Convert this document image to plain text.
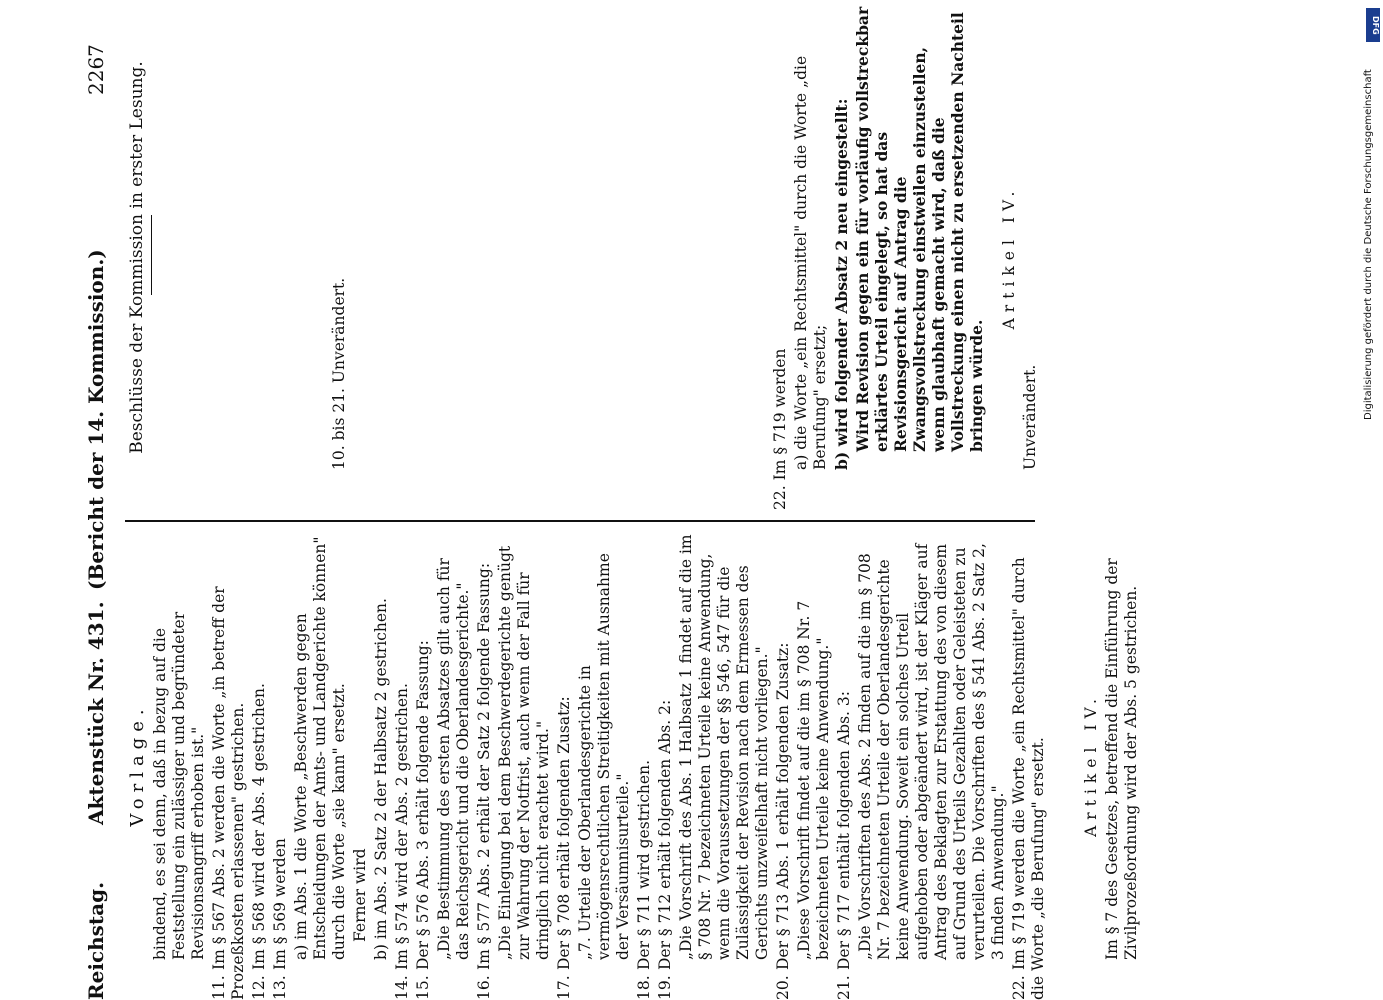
Reichstag.
Aktenstück Nr. 431.
(Bericht der 14. Kommission.)
2267

Vorlage. bindend, es sei denn, daß in bezug auf die Feststellung ein zulässiger und begründeter Revisionsangriff erhoben ist."

11.Im § 567 Abs. 2 werden die Worte „in betreff der Prozeßkosten erlassenen" gestrichen. 12.Im § 568 wird der Abs. 4 gestrichen.

13.Im § 569 werden a) im Abs. 1 die Worte „Beschwerden gegen Entscheidungen der Amts- und Landgerichte können" durch die Worte „sie kann" ersetzt. Ferner wird b) im Abs. 2 Satz 2 der Halbsatz 2 gestrichen.

14.Im § 574 wird der Abs. 2 gestrichen.

15.Der § 576 Abs. 3 erhält folgende Fassung: „Die Bestimmung des ersten Absatzes gilt auch für das Reichsgericht und die Oberlandesgerichte."

16.Im § 577 Abs. 2 erhält der Satz 2 folgende Fassung: „Die Einlegung bei dem Beschwerdegerichte genügt zur Wahrung der Notfrist, auch wenn der Fall für dringlich nicht erachtet wird."

17.Der § 708 erhält folgenden Zusatz: „7. Urteile der Oberlandesgerichte in vermögensrechtlichen Streitigkeiten mit Ausnahme der Versäumnisurteile."

18.Der § 711 wird gestrichen.

19.Der § 712 erhält folgenden Abs. 2: „Die Vorschrift des Abs. 1 Halbsatz 1 findet auf die im § 708 Nr. 7 bezeichneten Urteile keine Anwendung, wenn die Voraussetzungen der §§ 546, 547 für die Zulässigkeit der Revision nach dem Ermessen des Gerichts unzweifelhaft nicht vorliegen."

20.Der § 713 Abs. 1 erhält folgenden Zusatz: „Diese Vorschrift findet auf die im § 708 Nr. 7 bezeichneten Urteile keine Anwendung."

21.Der § 717 enthält folgenden Abs. 3: „Die Vorschriften des Abs. 2 finden auf die im § 708 Nr. 7 bezeichneten Urteile der Oberlandesgerichte keine Anwendung. Soweit ein solches Urteil aufgehoben oder abgeändert wird, ist der Kläger auf Antrag des Beklagten zur Erstattung des von diesem auf Grund des Urteils Gezahlten oder Geleisteten zu verurteilen. Die Vorschriften des § 541 Abs. 2 Satz 2, 3 finden Anwendung."

22.Im § 719 werden die Worte „ein Rechtsmittel" durch die Worte „die Berufung" ersetzt. Artikel IV. Im § 7 des Gesetzes, betreffend die Einführung der Zivilprozeßordnung wird der Abs. 5 gestrichen.

Beschlüsse der Kommission in erster Lesung.	10. bis 21. Unverändert.	22. Im § 719 werden a) die Worte „ein Rechtsmittel" durch die Worte „die Berufung" ersetzt; b) wird folgender Absatz 2 neu eingestellt: Wird Revision gegen ein für vorläufig vollstreckbar erklärtes Urteil eingelegt, so hat das Revisionsgericht auf Antrag die Zwangsvollstreckung einstweilen einzustellen, wenn glaubhaft gemacht wird, daß die Vollstreckung einen nicht zu ersetzenden Nachteil bringen würde.

Artikel IV.

Unverändert.

DFG
Digitalisierung gefördert durch die Deutsche Forschungsgemeinschaft
